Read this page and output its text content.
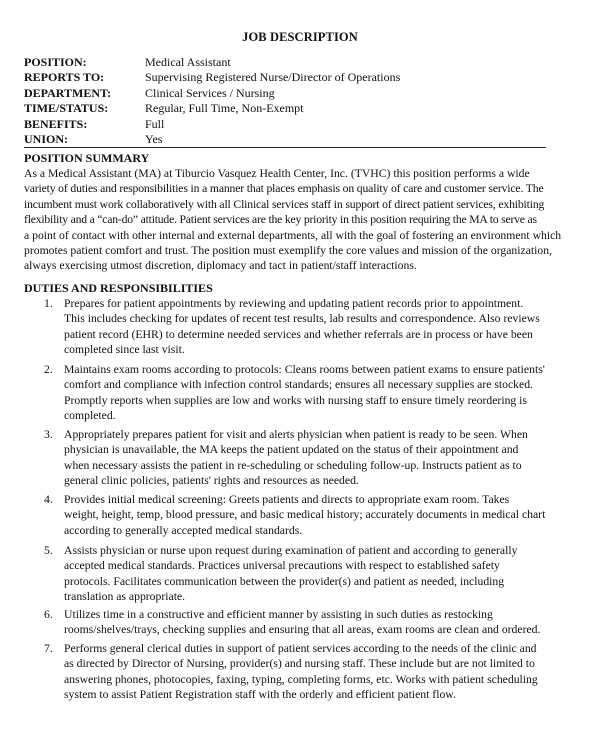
JOB DESCRIPTION
POSITION:	Medical Assistant
REPORTS TO:	Supervising Registered Nurse/Director of Operations
DEPARTMENT:	Clinical Services / Nursing
TIME/STATUS:	Regular, Full Time, Non-Exempt
BENEFITS:	Full
UNION:	Yes
POSITION SUMMARY
As a Medical Assistant (MA) at Tiburcio Vasquez Health Center, Inc. (TVHC) this position performs a wide
variety of duties and responsibilities in a manner that places emphasis on quality of care and customer service. The
incumbent must work collaboratively with all Clinical services staff in support of direct patient services, exhibiting
flexibility and a “can-do” attitude. Patient services are the key priority in this position requiring the MA to serve as
a point of contact with other internal and external departments, all with the goal of fostering an environment which
promotes patient comfort and trust. The position must exemplify the core values and mission of the organization,
always exercising utmost discretion, diplomacy and tact in patient/staff interactions.
DUTIES AND RESPONSIBILITIES
1. Prepares for patient appointments by reviewing and updating patient records prior to appointment.
This includes checking for updates of recent test results, lab results and correspondence. Also reviews
patient record (EHR) to determine needed services and whether referrals are in process or have been
completed since last visit.
2. Maintains exam rooms according to protocols: Cleans rooms between patient exams to ensure patients'
comfort and compliance with infection control standards; ensures all necessary supplies are stocked.
Promptly reports when supplies are low and works with nursing staff to ensure timely reordering is
completed.
3. Appropriately prepares patient for visit and alerts physician when patient is ready to be seen. When
physician is unavailable, the MA keeps the patient updated on the status of their appointment and
when necessary assists the patient in re-scheduling or scheduling follow-up. Instructs patient as to
general clinic policies, patients' rights and resources as needed.
4. Provides initial medical screening: Greets patients and directs to appropriate exam room. Takes
weight, height, temp, blood pressure, and basic medical history; accurately documents in medical chart
according to generally accepted medical standards.
5. Assists physician or nurse upon request during examination of patient and according to generally
accepted medical standards. Practices universal precautions with respect to established safety
protocols. Facilitates communication between the provider(s) and patient as needed, including
translation as appropriate.
6. Utilizes time in a constructive and efficient manner by assisting in such duties as restocking
rooms/shelves/trays, checking supplies and ensuring that all areas, exam rooms are clean and ordered.
7. Performs general clerical duties in support of patient services according to the needs of the clinic and
as directed by Director of Nursing, provider(s) and nursing staff. These include but are not limited to
answering phones, photocopies, faxing, typing, completing forms, etc. Works with patient scheduling
system to assist Patient Registration staff with the orderly and efficient patient flow.
